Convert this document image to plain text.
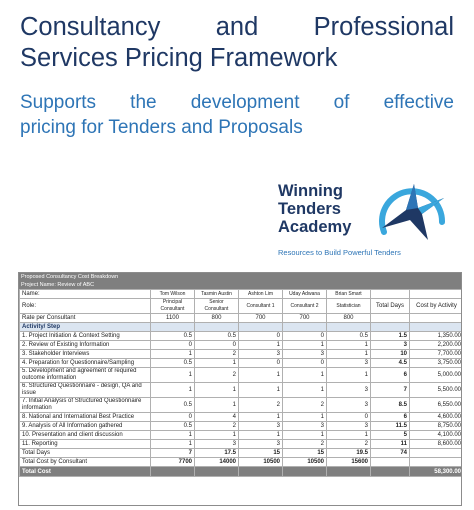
Consultancy and Professional
Services Pricing Framework
Supports the development of effective
pricing for Tenders and Proposals
Winning
Tenders
Academy
Resources to Build Powerful Tenders
Proposed Consultancy Cost Breakdown
Project Name: Review of ABC
Name:	Tom Wilson	Tasmin Austin	Ashton Lim	Uday Adwana	Brian Smart		
Role:	Principal Consultant	Senior Consultant	Consultant 1	Consultant 2	Statistician	Total Days	Cost by Activity
Rate per Consultant	1100	800	700	700	800		
Activity/ Step							
1. Project Initiation & Context Setting	0.5	0.5	0	0	0.5	1.5	1,350.00
2. Review of Existing Information	0	0	1	1	1	3	2,200.00
3. Stakeholder Interviews	1	2	3	3	1	10	7,700.00
4. Preparation for Questionnaire/Sampling	0.5	1	0	0	3	4.5	3,750.00
5. Development and agreement of required outcome information	1	2	1	1	1	6	5,000.00
6. Structured Questionnaire - design, QA and issue	1	1	1	1	3	7	5,500.00
7. Initial Analysis of Structured Questionnaire information	0.5	1	2	2	3	8.5	6,550.00
8. National and International Best Practice	0	4	1	1	0	6	4,600.00
9. Analysis of All Information gathered	0.5	2	3	3	3	11.5	8,750.00
10. Presentation and client discussion	1	1	1	1	1	5	4,100.00
11. Reporting	1	3	3	2	2	11	8,600.00
Total Days	7	17.5	15	15	19.5	74	
Total Cost by Consultant	7700	14000	10500	10500	15600		
Total Cost							58,300.00
